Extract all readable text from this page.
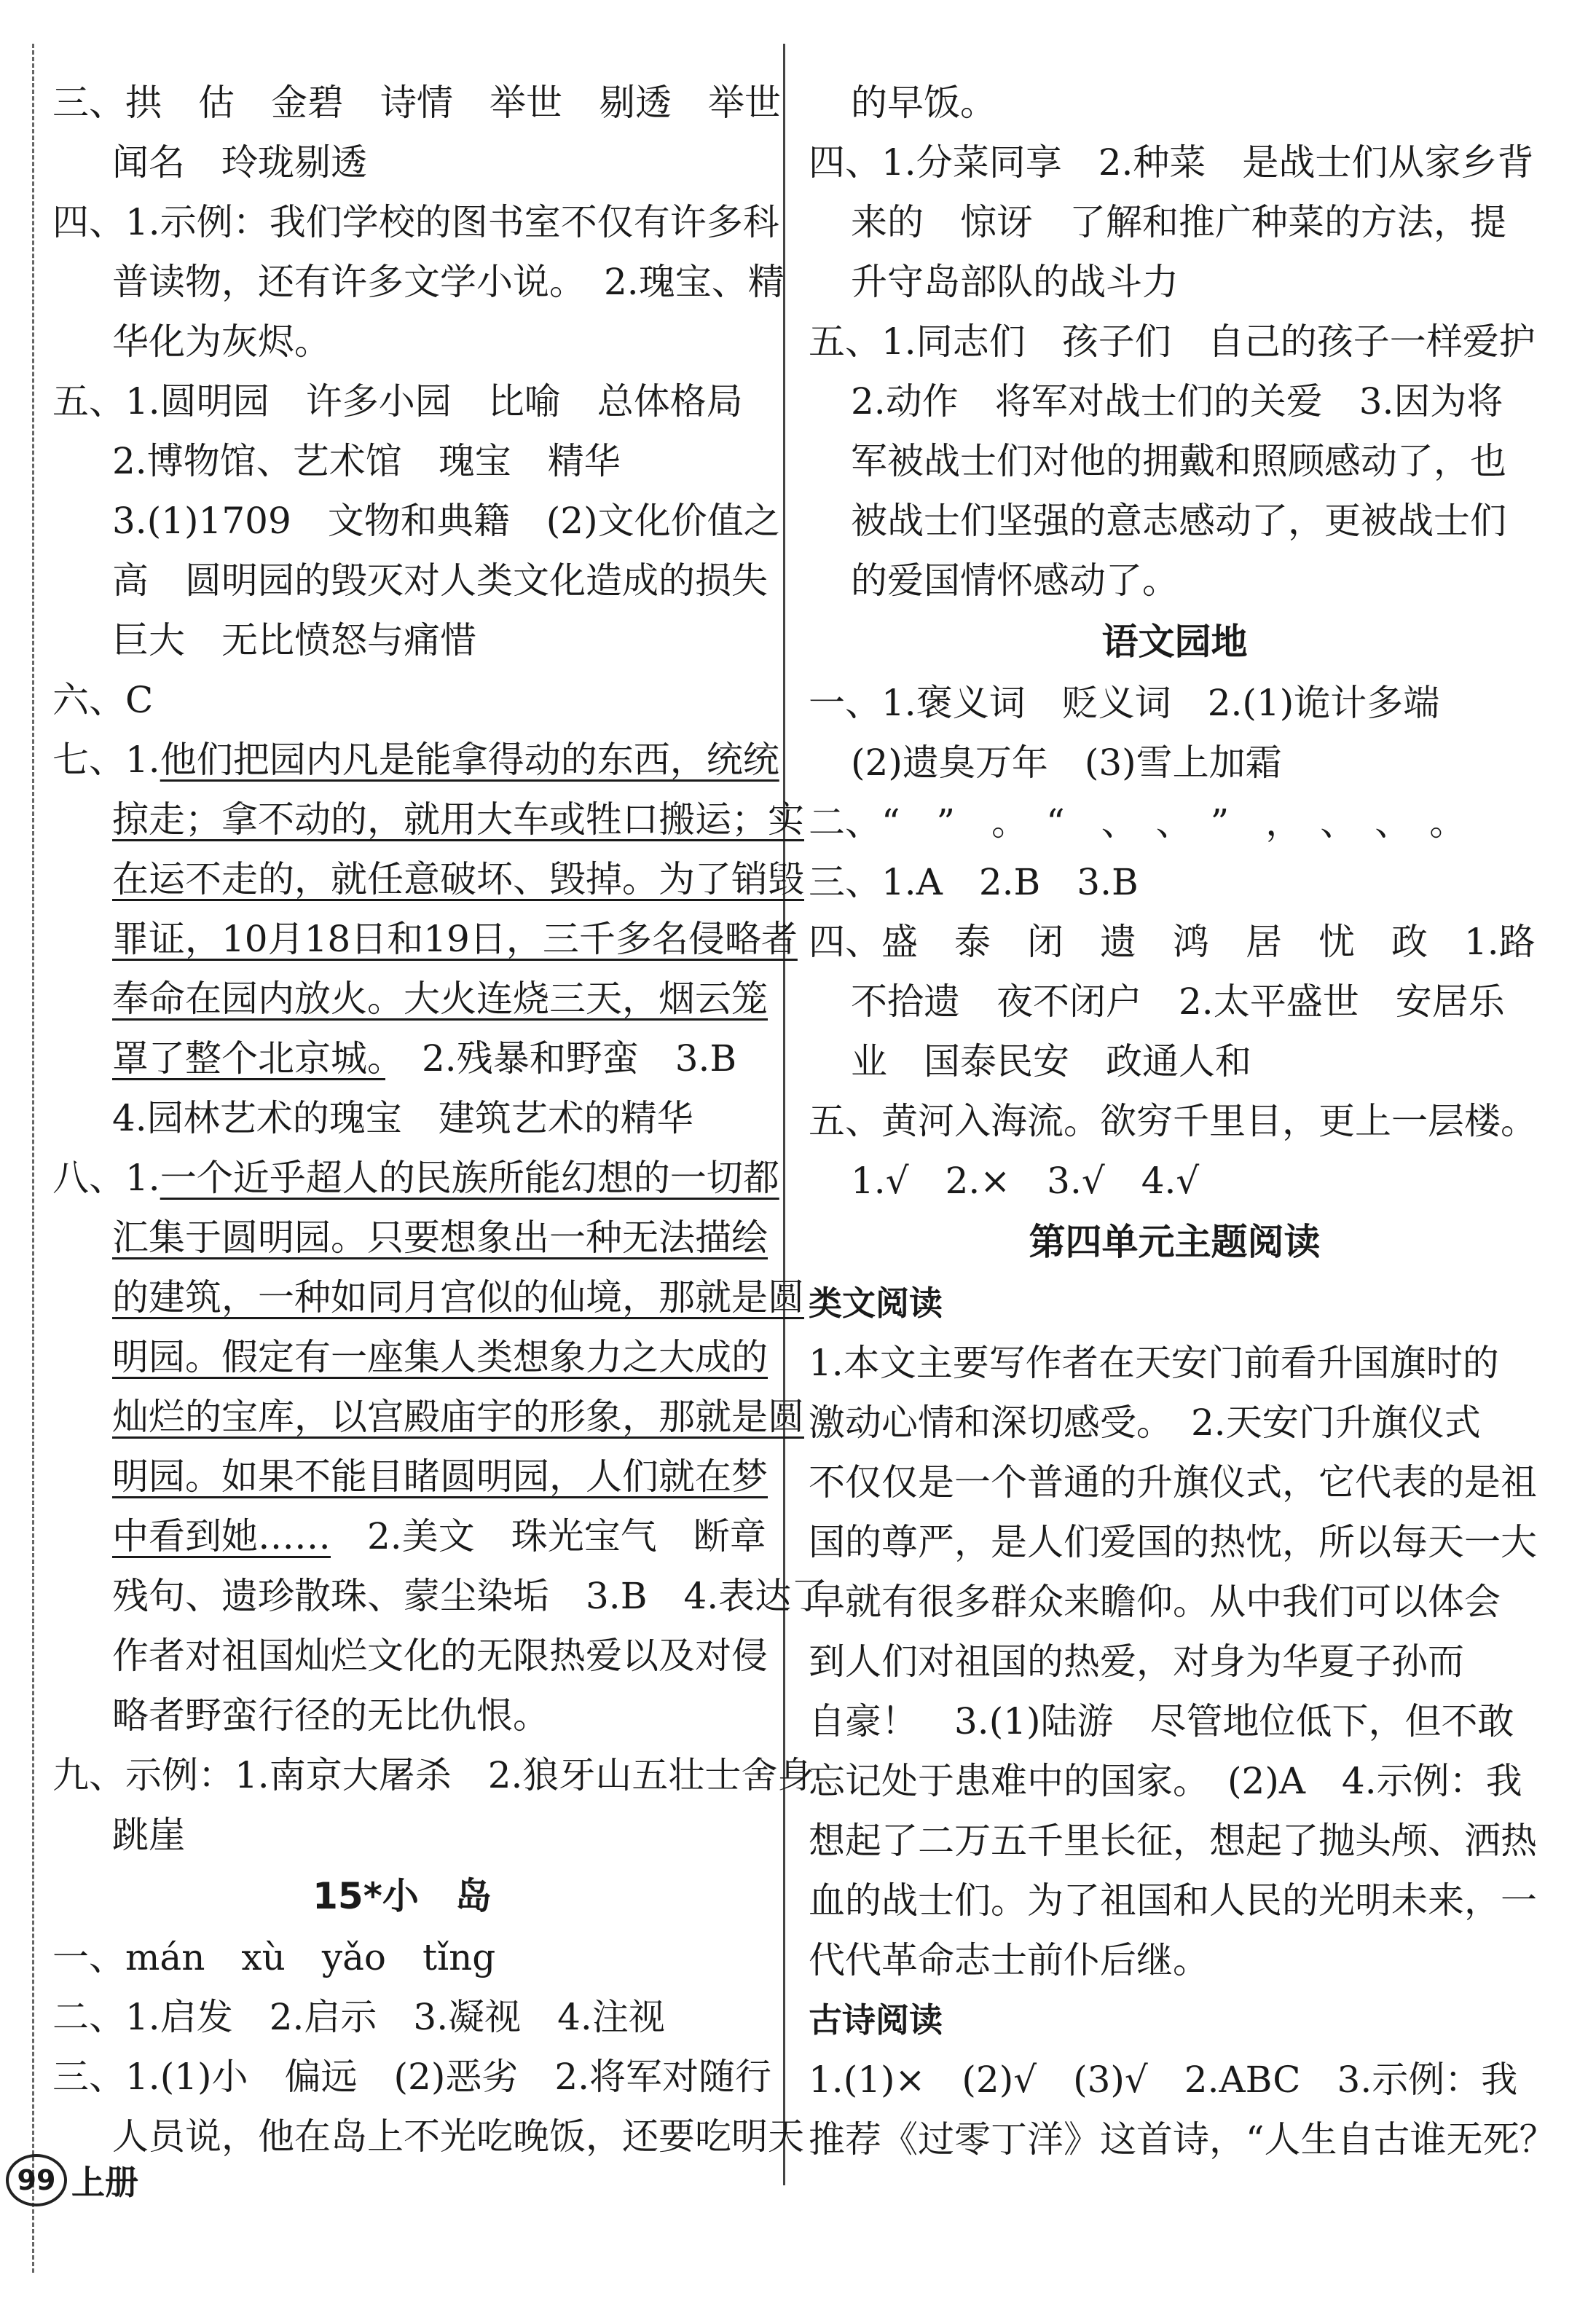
三、拱　估　金碧　诗情　举世　剔透　举世
闻名　玲珑剔透
四、1.示例：我们学校的图书室不仅有许多科
普读物，还有许多文学小说。　2.瑰宝、精
华化为灰烬。
五、1.圆明园　许多小园　比喻　总体格局
2.博物馆、艺术馆　瑰宝　精华
3.(1)1709　文物和典籍　(2)文化价值之
高　圆明园的毁灭对人类文化造成的损失
巨大　无比愤怒与痛惜
六、C
七、1.他们把园内凡是能拿得动的东西，统统
掠走；拿不动的，就用大车或牲口搬运；实
在运不走的，就任意破坏、毁掉。为了销毁
罪证，10月18日和19日，三千多名侵略者
奉命在园内放火。大火连烧三天，烟云笼
罩了整个北京城。　2.残暴和野蛮　3.B
4.园林艺术的瑰宝　建筑艺术的精华
八、1.一个近乎超人的民族所能幻想的一切都
汇集于圆明园。只要想象出一种无法描绘
的建筑，一种如同月宫似的仙境，那就是圆
明园。假定有一座集人类想象力之大成的
灿烂的宝库，以宫殿庙宇的形象，那就是圆
明园。如果不能目睹圆明园，人们就在梦
中看到她……　2.美文　珠光宝气　断章
残句、遗珍散珠、蒙尘染垢　3.B　4.表达了
作者对祖国灿烂文化的无限热爱以及对侵
略者野蛮行径的无比仇恨。
九、示例：1.南京大屠杀　2.狼牙山五壮士舍身
跳崖
15*小　岛
一、mán　xù　yǎo　tǐng
二、1.启发　2.启示　3.凝视　4.注视
三、1.(1)小　偏远　(2)恶劣　2.将军对随行
人员说，他在岛上不光吃晚饭，还要吃明天
的早饭。
四、1.分菜同享　2.种菜　是战士们从家乡背
来的　惊讶　了解和推广种菜的方法，提
升守岛部队的战斗力
五、1.同志们　孩子们　自己的孩子一样爱护
2.动作　将军对战士们的关爱　3.因为将
军被战士们对他的拥戴和照顾感动了，也
被战士们坚强的意志感动了，更被战士们
的爱国情怀感动了。
语文园地
一、1.褒义词　贬义词　2.(1)诡计多端
(2)遗臭万年　(3)雪上加霜
二、“　”　。　“　、　、　”　，　、　、　。
三、1.A　2.B　3.B
四、盛　泰　闭　遗　鸿　居　忧　政　1.路
不拾遗　夜不闭户　2.太平盛世　安居乐
业　国泰民安　政通人和
五、黄河入海流。欲穷千里目，更上一层楼。
1.√　2.×　3.√　4.√
第四单元主题阅读
类文阅读
1.本文主要写作者在天安门前看升国旗时的
激动心情和深切感受。　2.天安门升旗仪式
不仅仅是一个普通的升旗仪式，它代表的是祖
国的尊严，是人们爱国的热忱，所以每天一大
早就有很多群众来瞻仰。从中我们可以体会
到人们对祖国的热爱，对身为华夏子孙而
自豪！　3.(1)陆游　尽管地位低下，但不敢
忘记处于患难中的国家。　(2)A　4.示例：我
想起了二万五千里长征，想起了抛头颅、洒热
血的战士们。为了祖国和人民的光明未来，一
代代革命志士前仆后继。
古诗阅读
1.(1)×　(2)√　(3)√　2.ABC　3.示例：我
推荐《过零丁洋》这首诗，“人生自古谁无死？
99 上册
